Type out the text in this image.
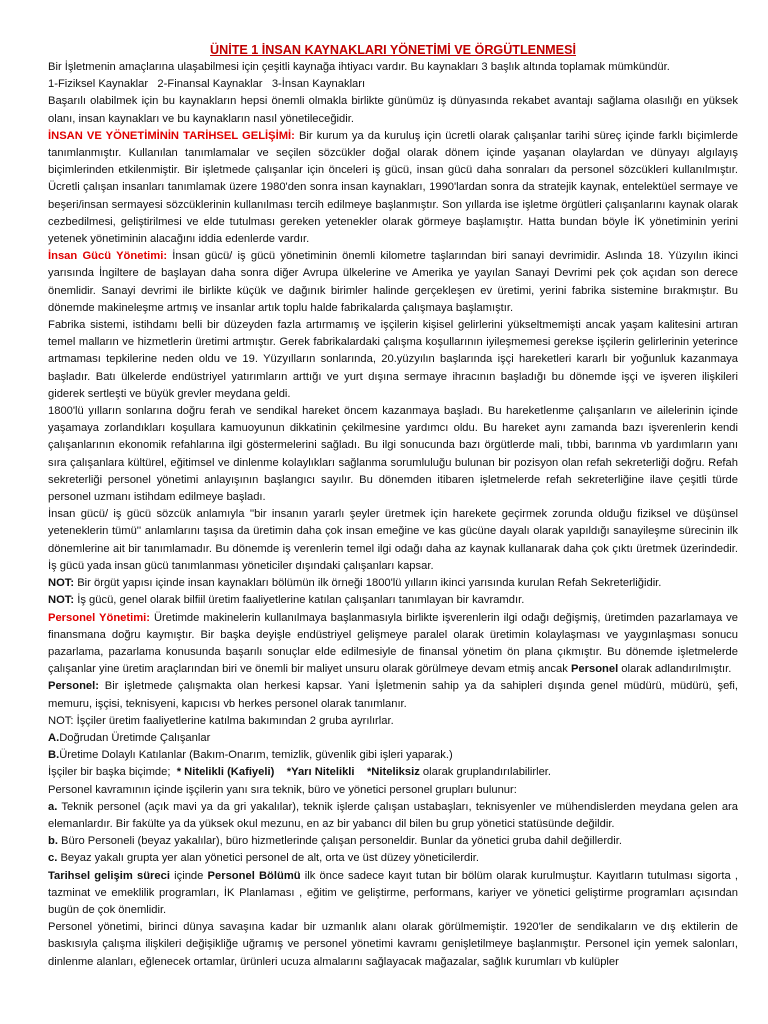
ÜNİTE 1 İNSAN KAYNAKLARI YÖNETİMİ VE ÖRGÜTLENMESİ

Bir İşletmenin amaçlarına ulaşabilmesi için çeşitli kaynağa ihtiyacı vardır. Bu kaynakları 3 başlık altında toplamak mümkündür.

1-Fiziksel Kaynaklar   2-Finansal Kaynaklar   3-İnsan Kaynakları

Başarılı olabilmek için bu kaynakların hepsi önemli olmakla birlikte günümüz iş dünyasında rekabet avantajı sağlama olasılığı en yüksek olanı, insan kaynakları ve bu kaynakların nasıl yönetileceğidir.

İNSAN VE YÖNETİMİNİN TARİHSEL GELİŞİMİ: Bir kurum ya da kuruluş için ücretli olarak çalışanlar tarihi süreç içinde farklı biçimlerde tanımlanmıştır. Kullanılan tanımlamalar ve seçilen sözcükler doğal olarak dönem içinde yaşanan olaylardan ve dünyayı algılayış biçimlerinden etkilenmiştir. Bir işletmede çalışanlar için önceleri iş gücü, insan gücü daha sonraları da personel sözcükleri kullanılmıştır. Ücretli çalışan insanları tanımlamak üzere 1980'den sonra insan kaynakları, 1990'lardan sonra da stratejik kaynak, entelektüel sermaye ve beşeri/insan sermayesi sözcüklerinin kullanılması tercih edilmeye başlanmıştır. Son yıllarda ise işletme örgütleri çalışanlarını kaynak olarak cezbedilmesi, geliştirilmesi ve elde tutulması gereken yetenekler olarak görmeye başlamıştır. Hatta bundan böyle İK yönetiminin yerini yetenek yönetiminin alacağını iddia edenlerde vardır.

İnsan Gücü Yönetimi: İnsan gücü/ iş gücü yönetiminin önemli kilometre taşlarından biri sanayi devrimidir. Aslında 18. Yüzyılın ikinci yarısında İngiltere de başlayan daha sonra diğer Avrupa ülkelerine ve Amerika ye yayılan Sanayi Devrimi pek çok açıdan son derece önemlidir. Sanayi devrimi ile birlikte küçük ve dağınık birimler halinde gerçekleşen ev üretimi, yerini fabrika sistemine bırakmıştır. Bu dönemde makineleşme artmış ve insanlar artık toplu halde fabrikalarda çalışmaya başlamıştır.

Fabrika sistemi, istihdamı belli bir düzeyden fazla artırmamış ve işçilerin kişisel gelirlerini yükseltmemişti ancak yaşam kalitesini artıran temel malların ve hizmetlerin üretimi artmıştır. Gerek fabrikalardaki çalışma koşullarının iyileşmemesi gerekse işçilerin gelirlerinin yeterince artmaması tepkilerine neden oldu ve 19. Yüzyılların sonlarında, 20.yüzyılın başlarında işçi hareketleri kararlı bir yoğunluk kazanmaya başladır. Batı ülkelerde endüstriyel yatırımların arttığı ve yurt dışına sermaye ihracının başladığı bu dönemde işçi ve işveren ilişkileri giderek sertleşti ve büyük grevler meydana geldi.

1800'lü yılların sonlarına doğru ferah ve sendikal hareket öncem kazanmaya başladı. Bu hareketlenme çalışanların ve ailelerinin içinde yaşamaya zorlandıkları koşullara kamuoyunun dikkatinin çekilmesine yardımcı oldu. Bu hareket aynı zamanda bazı işverenlerin kendi çalışanlarının ekonomik refahlarına ilgi göstermelerini sağladı. Bu ilgi sonucunda bazı örgütlerde mali, tıbbi, barınma vb yardımların yanı sıra çalışanlara kültürel, eğitimsel ve dinlenme kolaylıkları sağlanma sorumluluğu bulunan bir pozisyon olan refah sekreterliği doğru. Refah sekreterliği personel yönetimi anlayışının başlangıcı sayılır. Bu dönemden itibaren işletmelerde refah sekreterliğine ilave çeşitli türde personel uzmanı istihdam edilmeye başladı.

İnsan gücü/ iş gücü sözcük anlamıyla ''bir insanın yararlı şeyler üretmek için harekete geçirmek zorunda olduğu fiziksel ve düşünsel yeteneklerin tümü'' anlamlarını taşısa da üretimin daha çok insan emeğine ve kas gücüne dayalı olarak yapıldığı sanayileşme sürecinin ilk dönemlerine ait bir tanımlamadır. Bu dönemde iş verenlerin temel ilgi odağı daha az kaynak kullanarak daha çok çıktı üretmek üzerindedir. İş gücü yada insan gücü tanımlanması yöneticiler dışındaki çalışanları kapsar.

NOT: Bir örgüt yapısı içinde insan kaynakları bölümün ilk örneği 1800'lü yılların ikinci yarısında kurulan Refah Sekreterliğidir.

NOT: İş gücü, genel olarak bilfiil üretim faaliyetlerine katılan çalışanları tanımlayan bir kavramdır.

Personel Yönetimi: Üretimde makinelerin kullanılmaya başlanmasıyla birlikte işverenlerin ilgi odağı değişmiş, üretimden pazarlamaya ve finansmana doğru kaymıştır. Bir başka deyişle endüstriyel gelişmeye paralel olarak üretimin kolaylaşması ve yaygınlaşması sonucu pazarlama, pazarlama konusunda başarılı sonuçlar elde edilmesiyle de finansal yönetim ön plana çıkmıştır. Bu dönemde işletmelerde çalışanlar yine üretim araçlarından biri ve önemli bir maliyet unsuru olarak görülmeye devam etmiş ancak Personel olarak adlandırılmıştır.

Personel: Bir işletmede çalışmakta olan herkesi kapsar. Yani İşletmenin sahip ya da sahipleri dışında genel müdürü, müdürü, şefi, memuru, işçisi, teknisyeni, kapıcısı vb herkes personel olarak tanımlanır.

NOT: İşçiler üretim faaliyetlerine katılma bakımından 2 gruba ayrılırlar.

A.Doğrudan Üretimde Çalışanlar

B.Üretime Dolaylı Katılanlar (Bakım-Onarım, temizlik, güvenlik gibi işleri yaparak.)

İşçiler bir başka biçimde;  * Nitelikli (Kafiyeli)    *Yarı Nitelikli    *Niteliksiz olarak gruplandırılabilirler.

Personel kavramının içinde işçilerin yanı sıra teknik, büro ve yönetici personel grupları bulunur:

a. Teknik personel (açık mavi ya da gri yakalılar), teknik işlerde çalışan ustabaşları, teknisyenler ve mühendislerden meydana gelen ara elemanlardır. Bir fakülte ya da yüksek okul mezunu, en az bir yabancı dil bilen bu grup yönetici statüsünde değildir.

b. Büro Personeli (beyaz yakalılar), büro hizmetlerinde çalışan personeldir. Bunlar da yönetici gruba dahil değillerdir.

c. Beyaz yakalı grupta yer alan yönetici personel de alt, orta ve üst düzey yöneticilerdir.

Tarihsel gelişim süreci içinde Personel Bölümü ilk önce sadece kayıt tutan bir bölüm olarak kurulmuştur. Kayıtların tutulması sigorta , tazminat ve emeklilik programları, İK Planlaması , eğitim ve geliştirme, performans, kariyer ve yönetici geliştirme programları açısından bugün de çok önemlidir.

Personel yönetimi, birinci dünya savaşına kadar bir uzmanlık alanı olarak görülmemiştir. 1920'ler de sendikaların ve dış ektilerin de baskısıyla çalışma ilişkileri değişikliğe uğramış ve personel yönetimi kavramı genişletilmeye başlanmıştır. Personel için yemek salonları, dinlenme alanları, eğlenecek ortamlar, ürünleri ucuza almalarını sağlayacak mağazalar, sağlık kurumları vb kulüpler
